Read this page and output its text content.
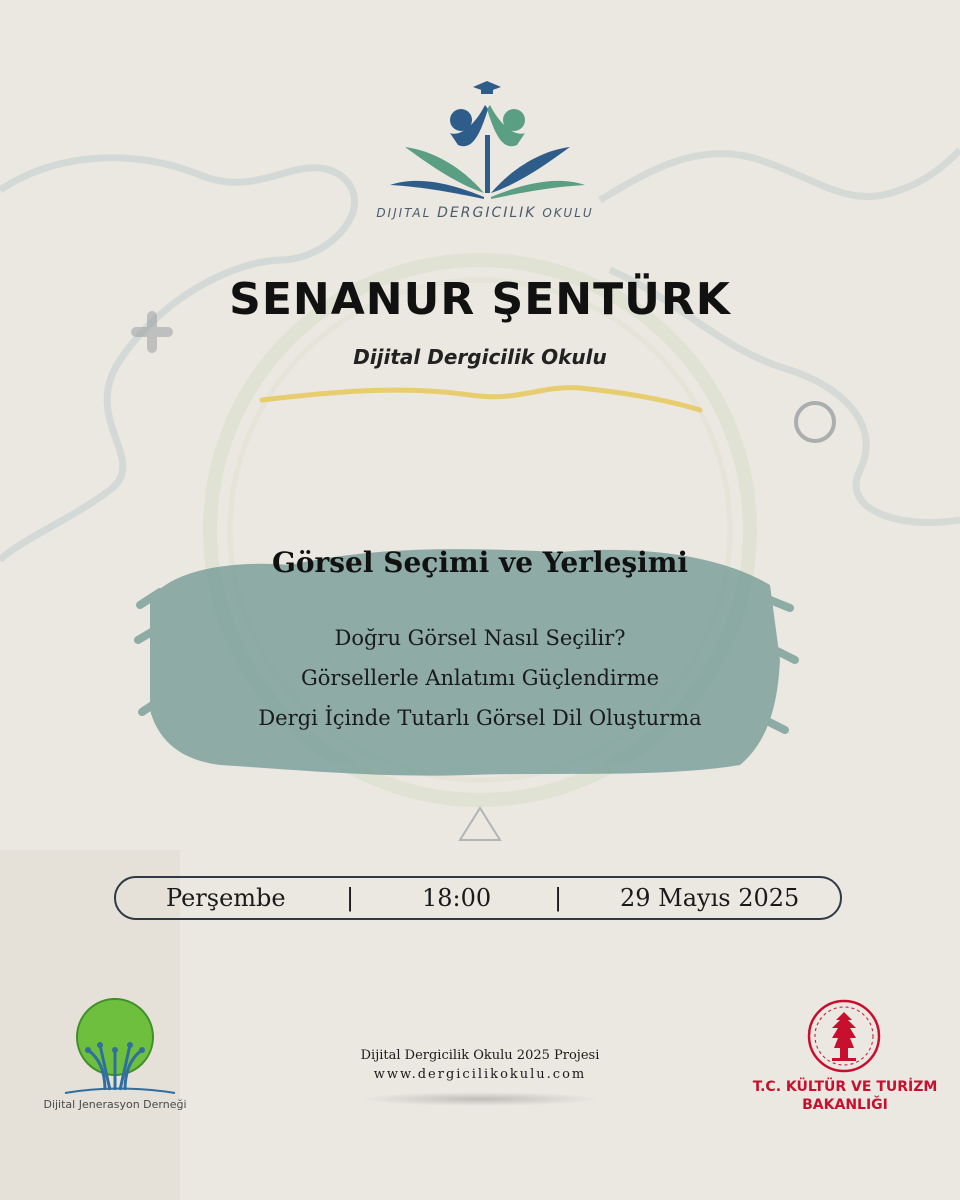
DIJITAL DERGICILIK OKULU
SENANUR ŞENTÜRK
Dijital Dergicilik Okulu
Görsel Seçimi ve Yerleşimi
Doğru Görsel Nasıl Seçilir?
Görsellerle Anlatımı Güçlendirme
Dergi İçinde Tutarlı Görsel Dil Oluşturma
Perşembe	|	18:00	| 29 Mayıs 2025
Dijital Jenerasyon Derneği
Dijital Dergicilik Okulu 2025 Projesi
www.dergicilikokulu.com
T.C. KÜLTÜR VE TURİZM
BAKANLIĞI
